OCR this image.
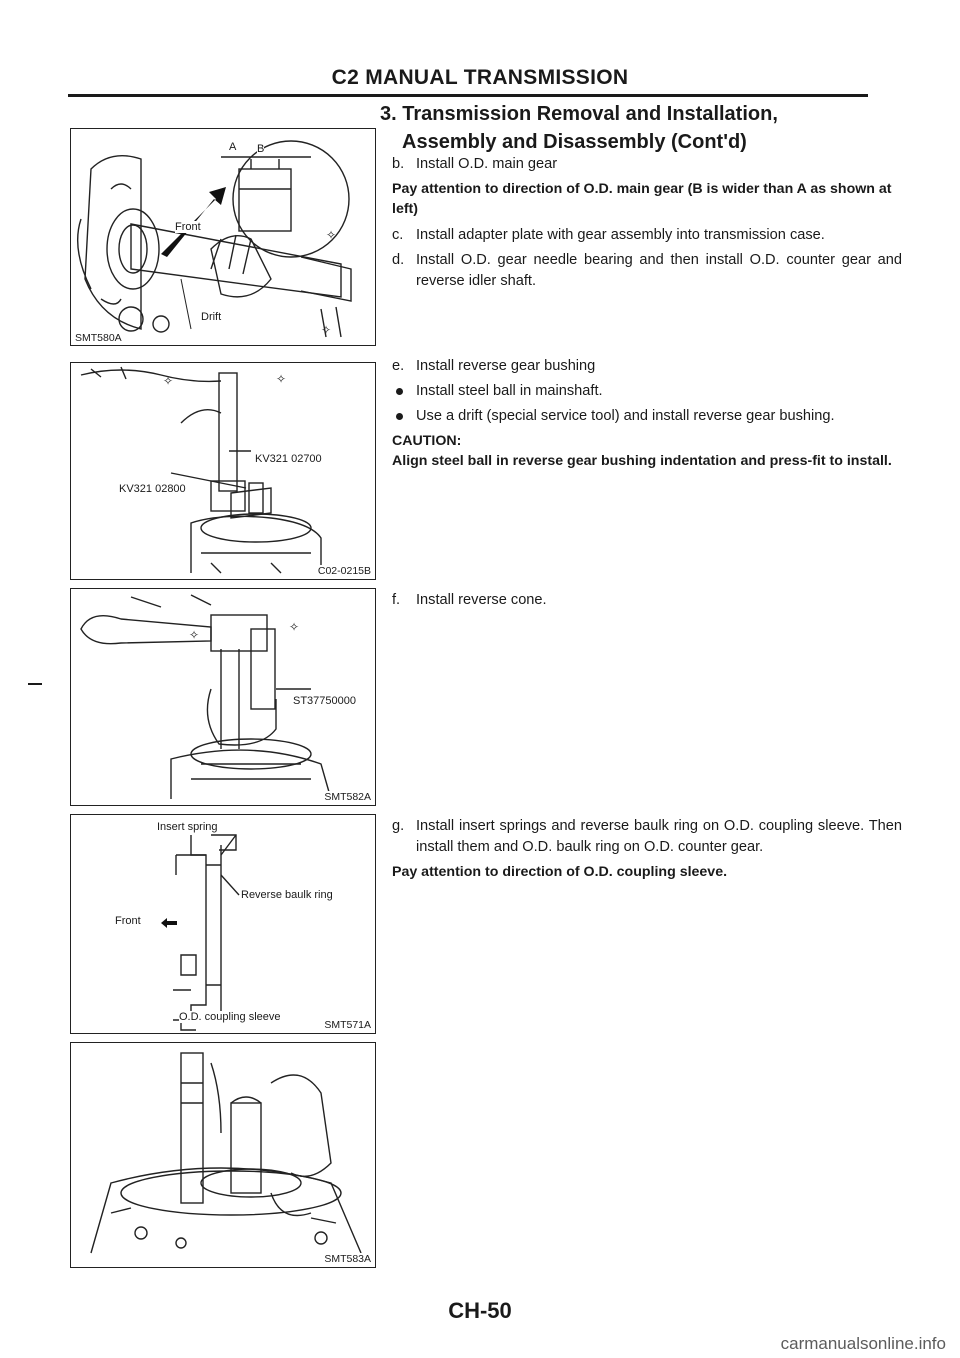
C2 MANUAL TRANSMISSION
3. Transmission Removal and Installation,
Assembly and Disassembly (Cont'd)
✧
✧
A B
Front
Drift
SMT580A
✧	✧
KV321 02700
KV321 02800
C02-0215B
✧
✧
ST37750000
SMT582A
Insert spring
Reverse baulk ring
Front
O.D. coupling sleeve
SMT571A
SMT583A

b. Install O.D. main gear

Pay attention to direction of O.D. main gear (B is wider than A as shown at left)

c. Install adapter plate with gear assembly into transmission case.

d. Install O.D. gear needle bearing and then install O.D. counter gear and reverse idler shaft.

e. Install reverse gear bushing

Install steel ball in mainshaft.

Use a drift (special service tool) and install reverse gear bushing.

CAUTION:

Align steel ball in reverse gear bushing indentation and press-fit to install.

f. Install reverse cone.

g. Install insert springs and reverse baulk ring on O.D. coupling sleeve. Then install them and O.D. baulk ring on O.D. counter gear.

Pay attention to direction of O.D. coupling sleeve.

CH-50

carmanualsonline.info
